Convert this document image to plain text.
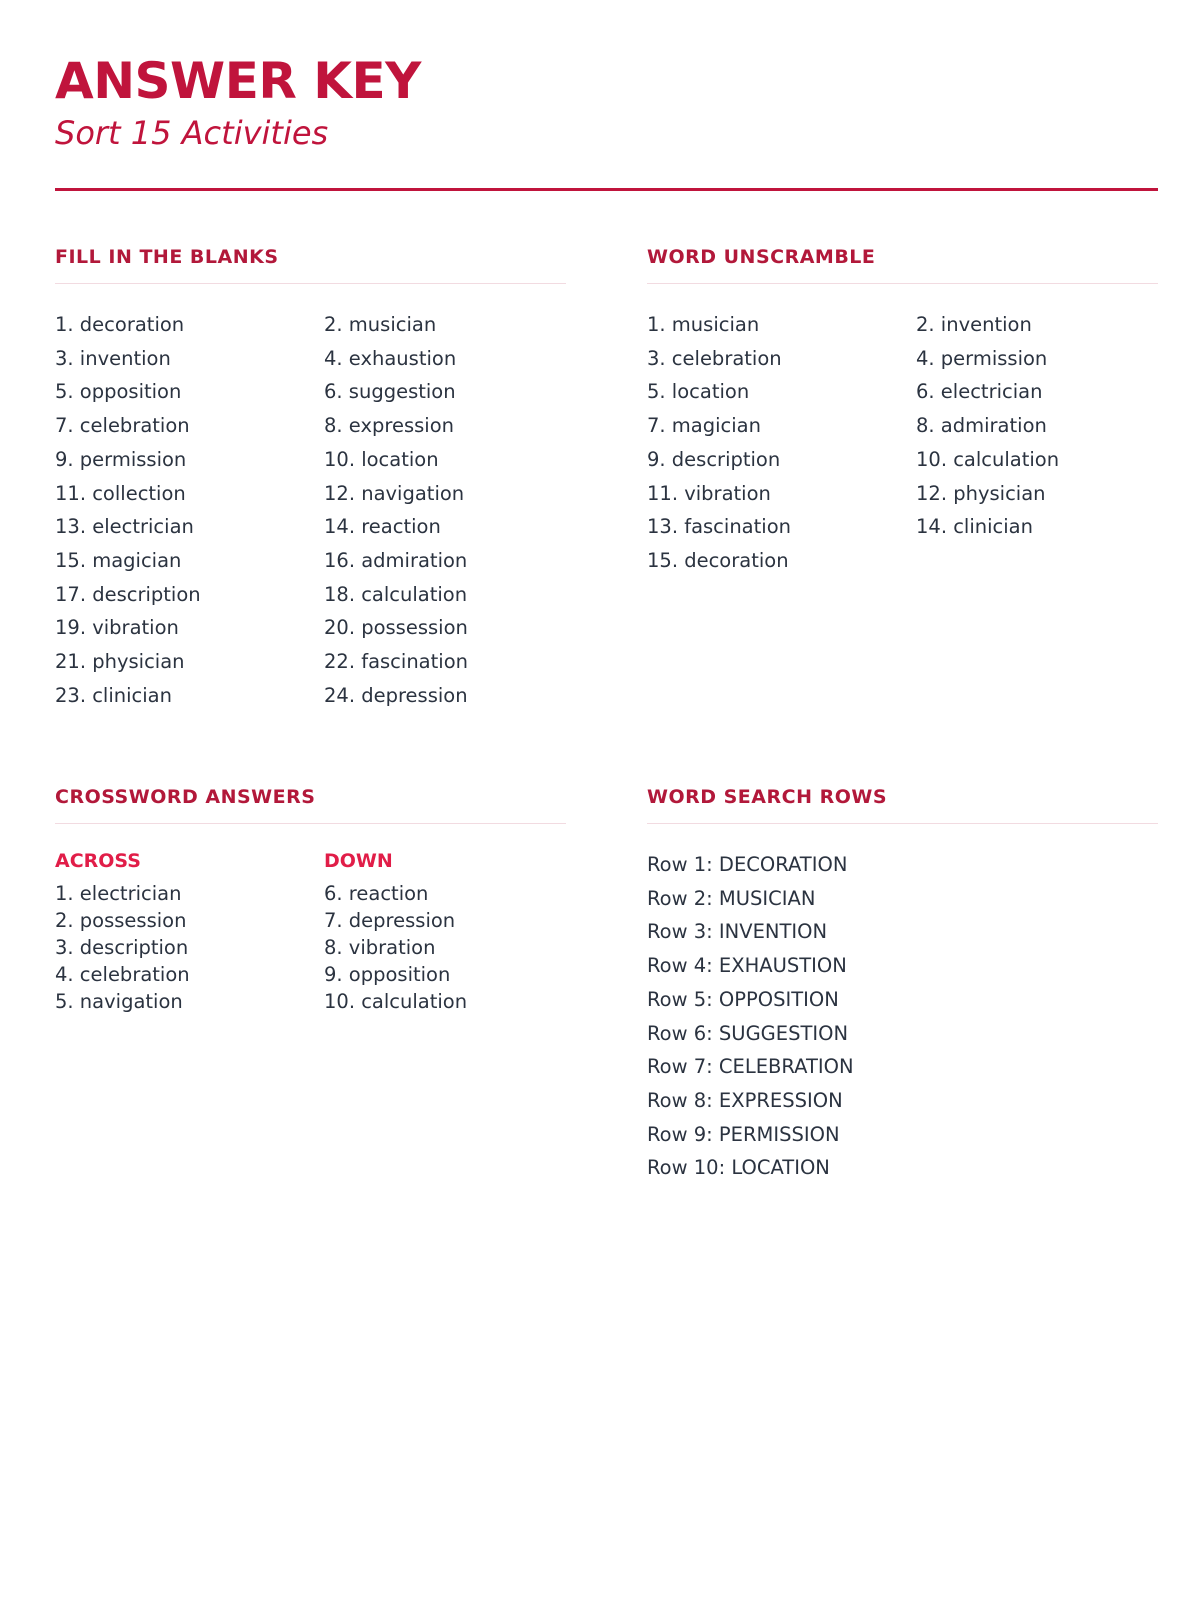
ANSWER KEY

Sort 15 Activities

FILL IN THE BLANKS
1. decoration
3. invention
5. opposition
7. celebration
9. permission
11. collection
13. electrician
15. magician
17. description
19. vibration
21. physician
23. clinician
2. musician
4. exhaustion
6. suggestion
8. expression
10. location
12. navigation
14. reaction
16. admiration
18. calculation
20. possession
22. fascination
24. depression
WORD UNSCRAMBLE
1. musician
3. celebration
5. location
7. magician
9. description
11. vibration
13. fascination
15. decoration
2. invention
4. permission
6. electrician
8. admiration
10. calculation
12. physician
14. clinician
CROSSWORD ANSWERS
ACROSS
1. electrician
2. possession
3. description
4. celebration
5. navigation
DOWN
6. reaction
7. depression
8. vibration
9. opposition
10. calculation
WORD SEARCH ROWS
Row 1: DECORATION
Row 2: MUSICIAN
Row 3: INVENTION
Row 4: EXHAUSTION
Row 5: OPPOSITION
Row 6: SUGGESTION
Row 7: CELEBRATION
Row 8: EXPRESSION
Row 9: PERMISSION
Row 10: LOCATION
